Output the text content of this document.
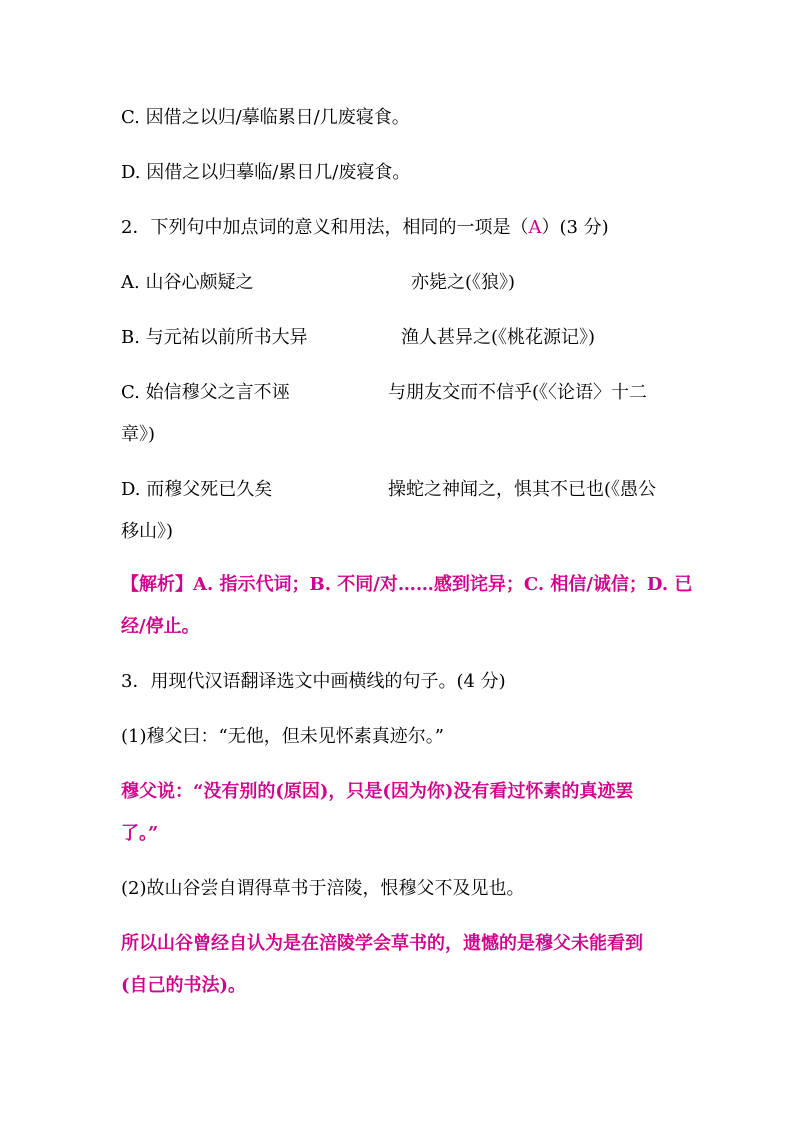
C. 因借之以归/摹临累日/几废寝食。
D. 因借之以归摹临/累日几/废寝食。
2．下列句中加点词的意义和用法，相同的一项是（A）(3 分)
A. 山谷心颇疑之	亦毙之(《狼》)
B. 与元祐以前所书大异	渔人甚异之(《桃花源记》)
C. 始信穆父之言不诬	与朋友交而不信乎(《〈论语〉十二
章》)
D. 而穆父死已久矣	操蛇之神闻之，惧其不已也(《愚公
移山》)
【解析】A. 指示代词；B. 不同/对……感到诧异；C. 相信/诚信；D. 已
经/停止。
3．用现代汉语翻译选文中画横线的句子。(4 分)
(1)穆父曰：“无他，但未见怀素真迹尔。”
穆父说：“没有别的(原因)，只是(因为你)没有看过怀素的真迹罢
了。”
(2)故山谷尝自谓得草书于涪陵，恨穆父不及见也。
所以山谷曾经自认为是在涪陵学会草书的，遗憾的是穆父未能看到
(自己的书法)。
